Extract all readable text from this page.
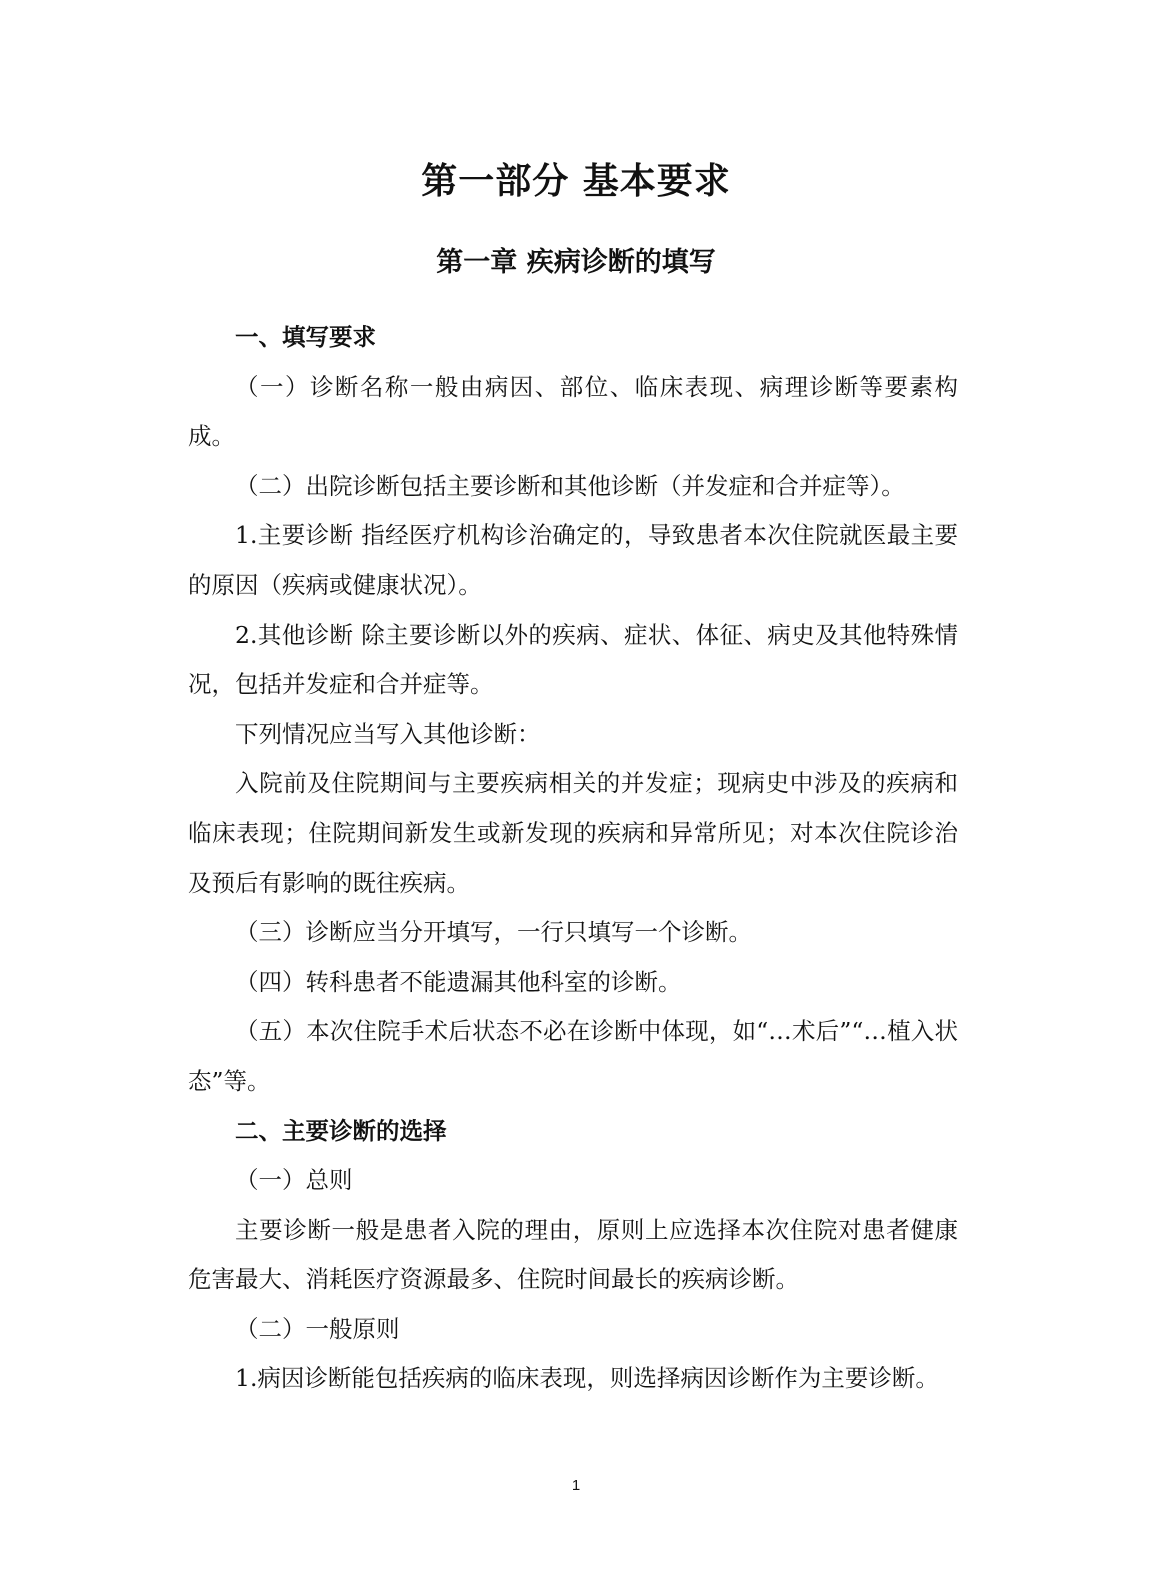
第一部分 基本要求
第一章 疾病诊断的填写

一、填写要求

（一）诊断名称一般由病因、部位、临床表现、病理诊断等要素构成。

（二）出院诊断包括主要诊断和其他诊断（并发症和合并症等）。

1.主要诊断 指经医疗机构诊治确定的，导致患者本次住院就医最主要的原因（疾病或健康状况）。

2.其他诊断 除主要诊断以外的疾病、症状、体征、病史及其他特殊情况，包括并发症和合并症等。

下列情况应当写入其他诊断：

入院前及住院期间与主要疾病相关的并发症；现病史中涉及的疾病和临床表现；住院期间新发生或新发现的疾病和异常所见；对本次住院诊治及预后有影响的既往疾病。

（三）诊断应当分开填写，一行只填写一个诊断。

（四）转科患者不能遗漏其他科室的诊断。

（五）本次住院手术后状态不必在诊断中体现，如“…术后”“…植入状态”等。

二、主要诊断的选择

（一）总则

主要诊断一般是患者入院的理由，原则上应选择本次住院对患者健康危害最大、消耗医疗资源最多、住院时间最长的疾病诊断。

（二）一般原则

1.病因诊断能包括疾病的临床表现，则选择病因诊断作为主要诊断。

1
